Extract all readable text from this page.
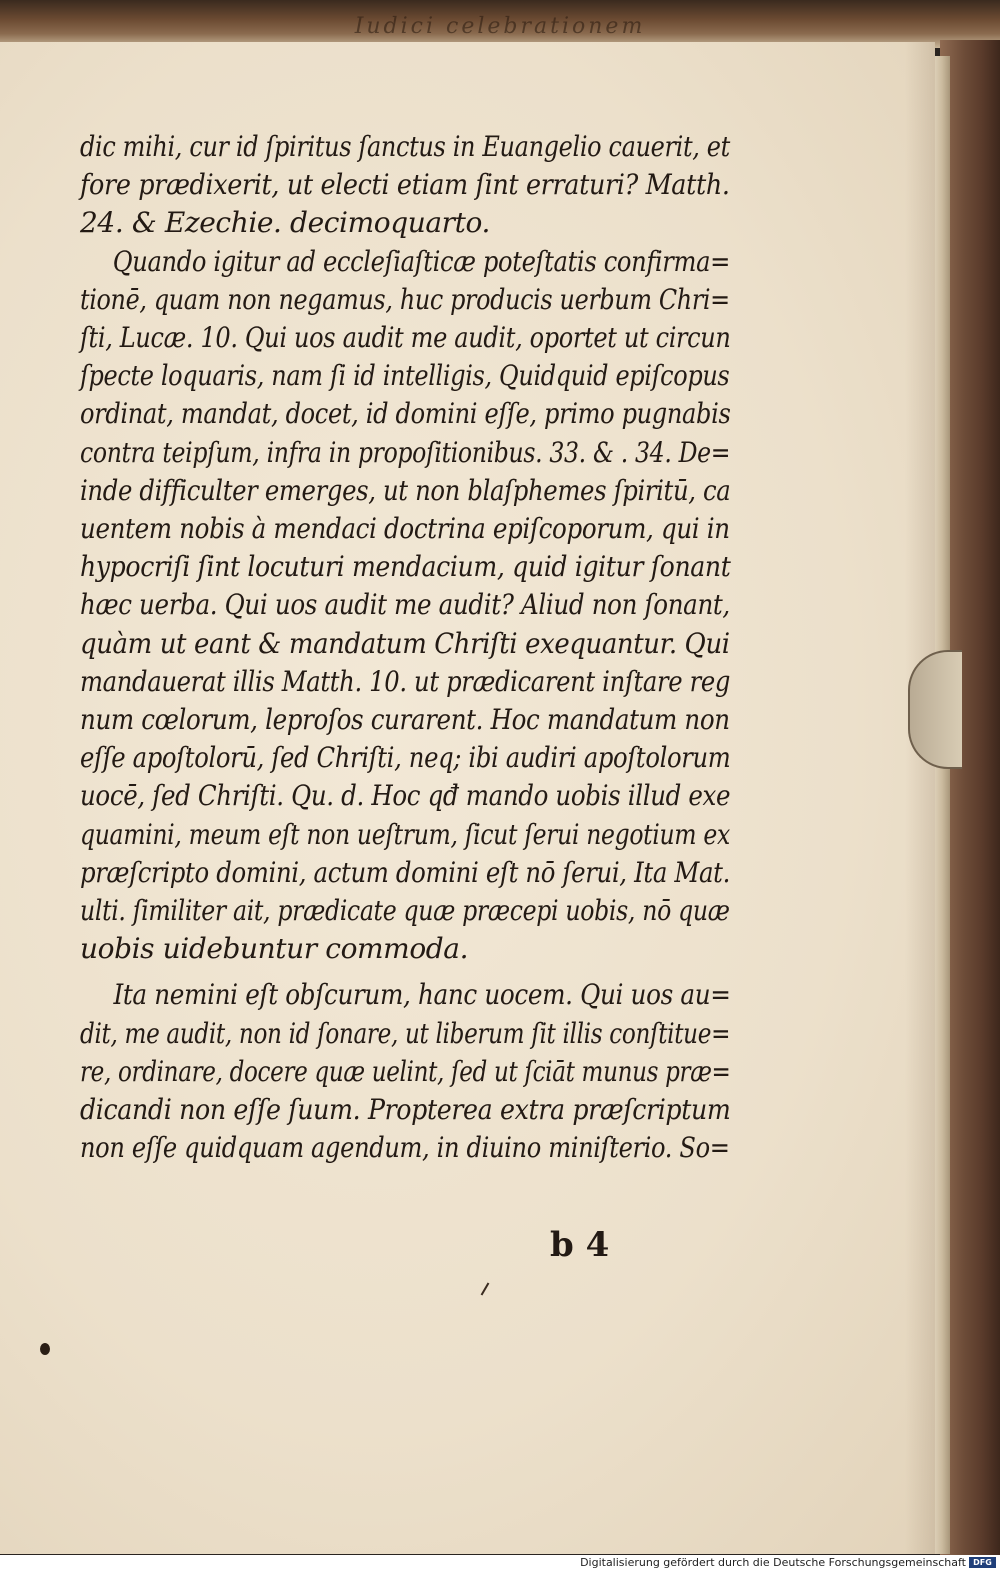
Iudici celebrationem
dic mihi, cur id ſpiritus ſanctus in Euangelio cauerit, et
fore prædixerit, ut electi etiam ſint erraturi? Matth.
24. & Ezechie. decimoquarto.
Quando igitur ad eccleſiaſticæ poteſtatis confirma=
tionē, quam non negamus, huc producis uerbum Chri=
ſti, Lucæ. 10. Qui uos audit me audit, oportet ut circun
ſpecte loquaris, nam ſi id intelligis, Quidquid epiſcopus
ordinat, mandat, docet, id domini eſſe, primo pugnabis
contra teipſum, infra in propoſitionibus. 33. & . 34. De=
inde difficulter emerges, ut non blaſphemes ſpiritū, ca
uentem nobis à mendaci doctrina epiſcoporum, qui in
hypocriſi ſint locuturi mendacium, quid igitur ſonant
hæc uerba. Qui uos audit me audit? Aliud non ſonant,
quàm ut eant & mandatum Chriſti exequantur. Qui
mandauerat illis Matth. 10. ut prædicarent inſtare reg
num cœlorum, leproſos curarent. Hoc mandatum non
eſſe apoſtolorū, ſed Chriſti, neq; ibi audiri apoſtolorum
uocē, ſed Chriſti. Qu. d. Hoc qđ mando uobis illud exe
quamini, meum eſt non ueſtrum, ſicut ſerui negotium ex
præſcripto domini, actum domini eſt nō ſerui, Ita Mat.
ulti. ſimiliter ait, prædicate quæ præcepi uobis, nō quæ
uobis uidebuntur commoda.
Ita nemini eſt obſcurum, hanc uocem. Qui uos au=
dit, me audit, non id ſonare, ut liberum ſit illis conſtitue=
re, ordinare, docere quæ uelint, ſed ut ſciāt munus præ=
dicandi non eſſe ſuum. Propterea extra præſcriptum
non eſſe quidquam agendum, in diuino miniſterio. So=
b 4
Digitalisierung gefördert durch die Deutsche Forschungsgemeinschaft DFG
